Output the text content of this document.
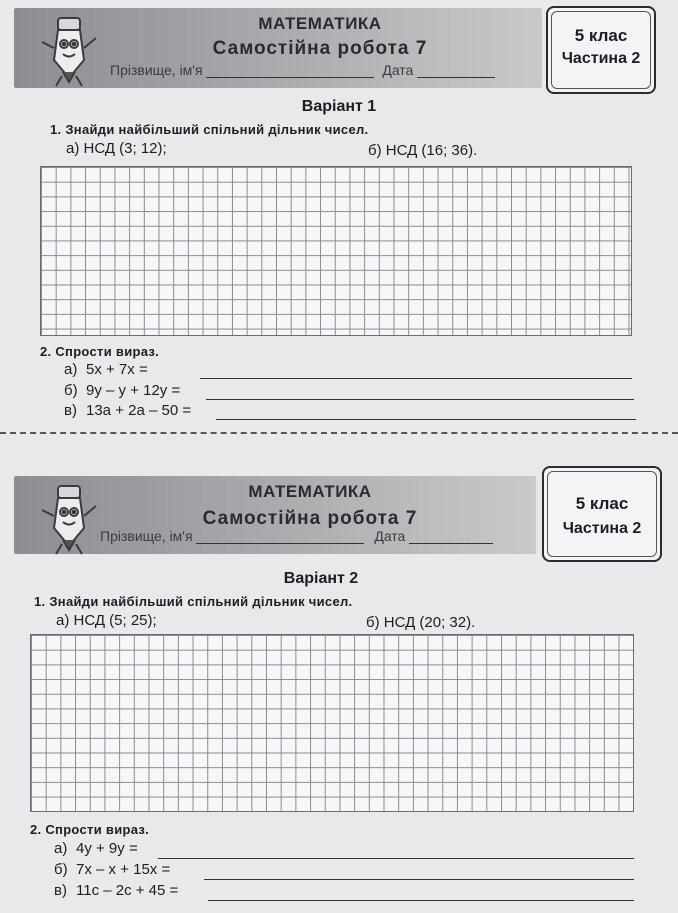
МАТЕМАТИКА
Самостійна робота 7
Прізвище, ім'я	Дата
5 клас
Частина 2
Варіант 1
1. Знайди найбільший спільний дільник чисел.
а) НСД (3; 12);	б) НСД (16; 36).
2. Спрости вираз.
а) 5x + 7x =
б) 9y – y + 12y =
в) 13a + 2a – 50 =
МАТЕМАТИКА
Самостійна робота 7
Прізвище, ім'я	Дата
5 клас
Частина 2
Варіант 2
1. Знайди найбільший спільний дільник чисел.
а) НСД (5; 25);	б) НСД (20; 32).
2. Спрости вираз.
а) 4y + 9y =
б) 7x – x + 15x =
в) 11c – 2c + 45 =
